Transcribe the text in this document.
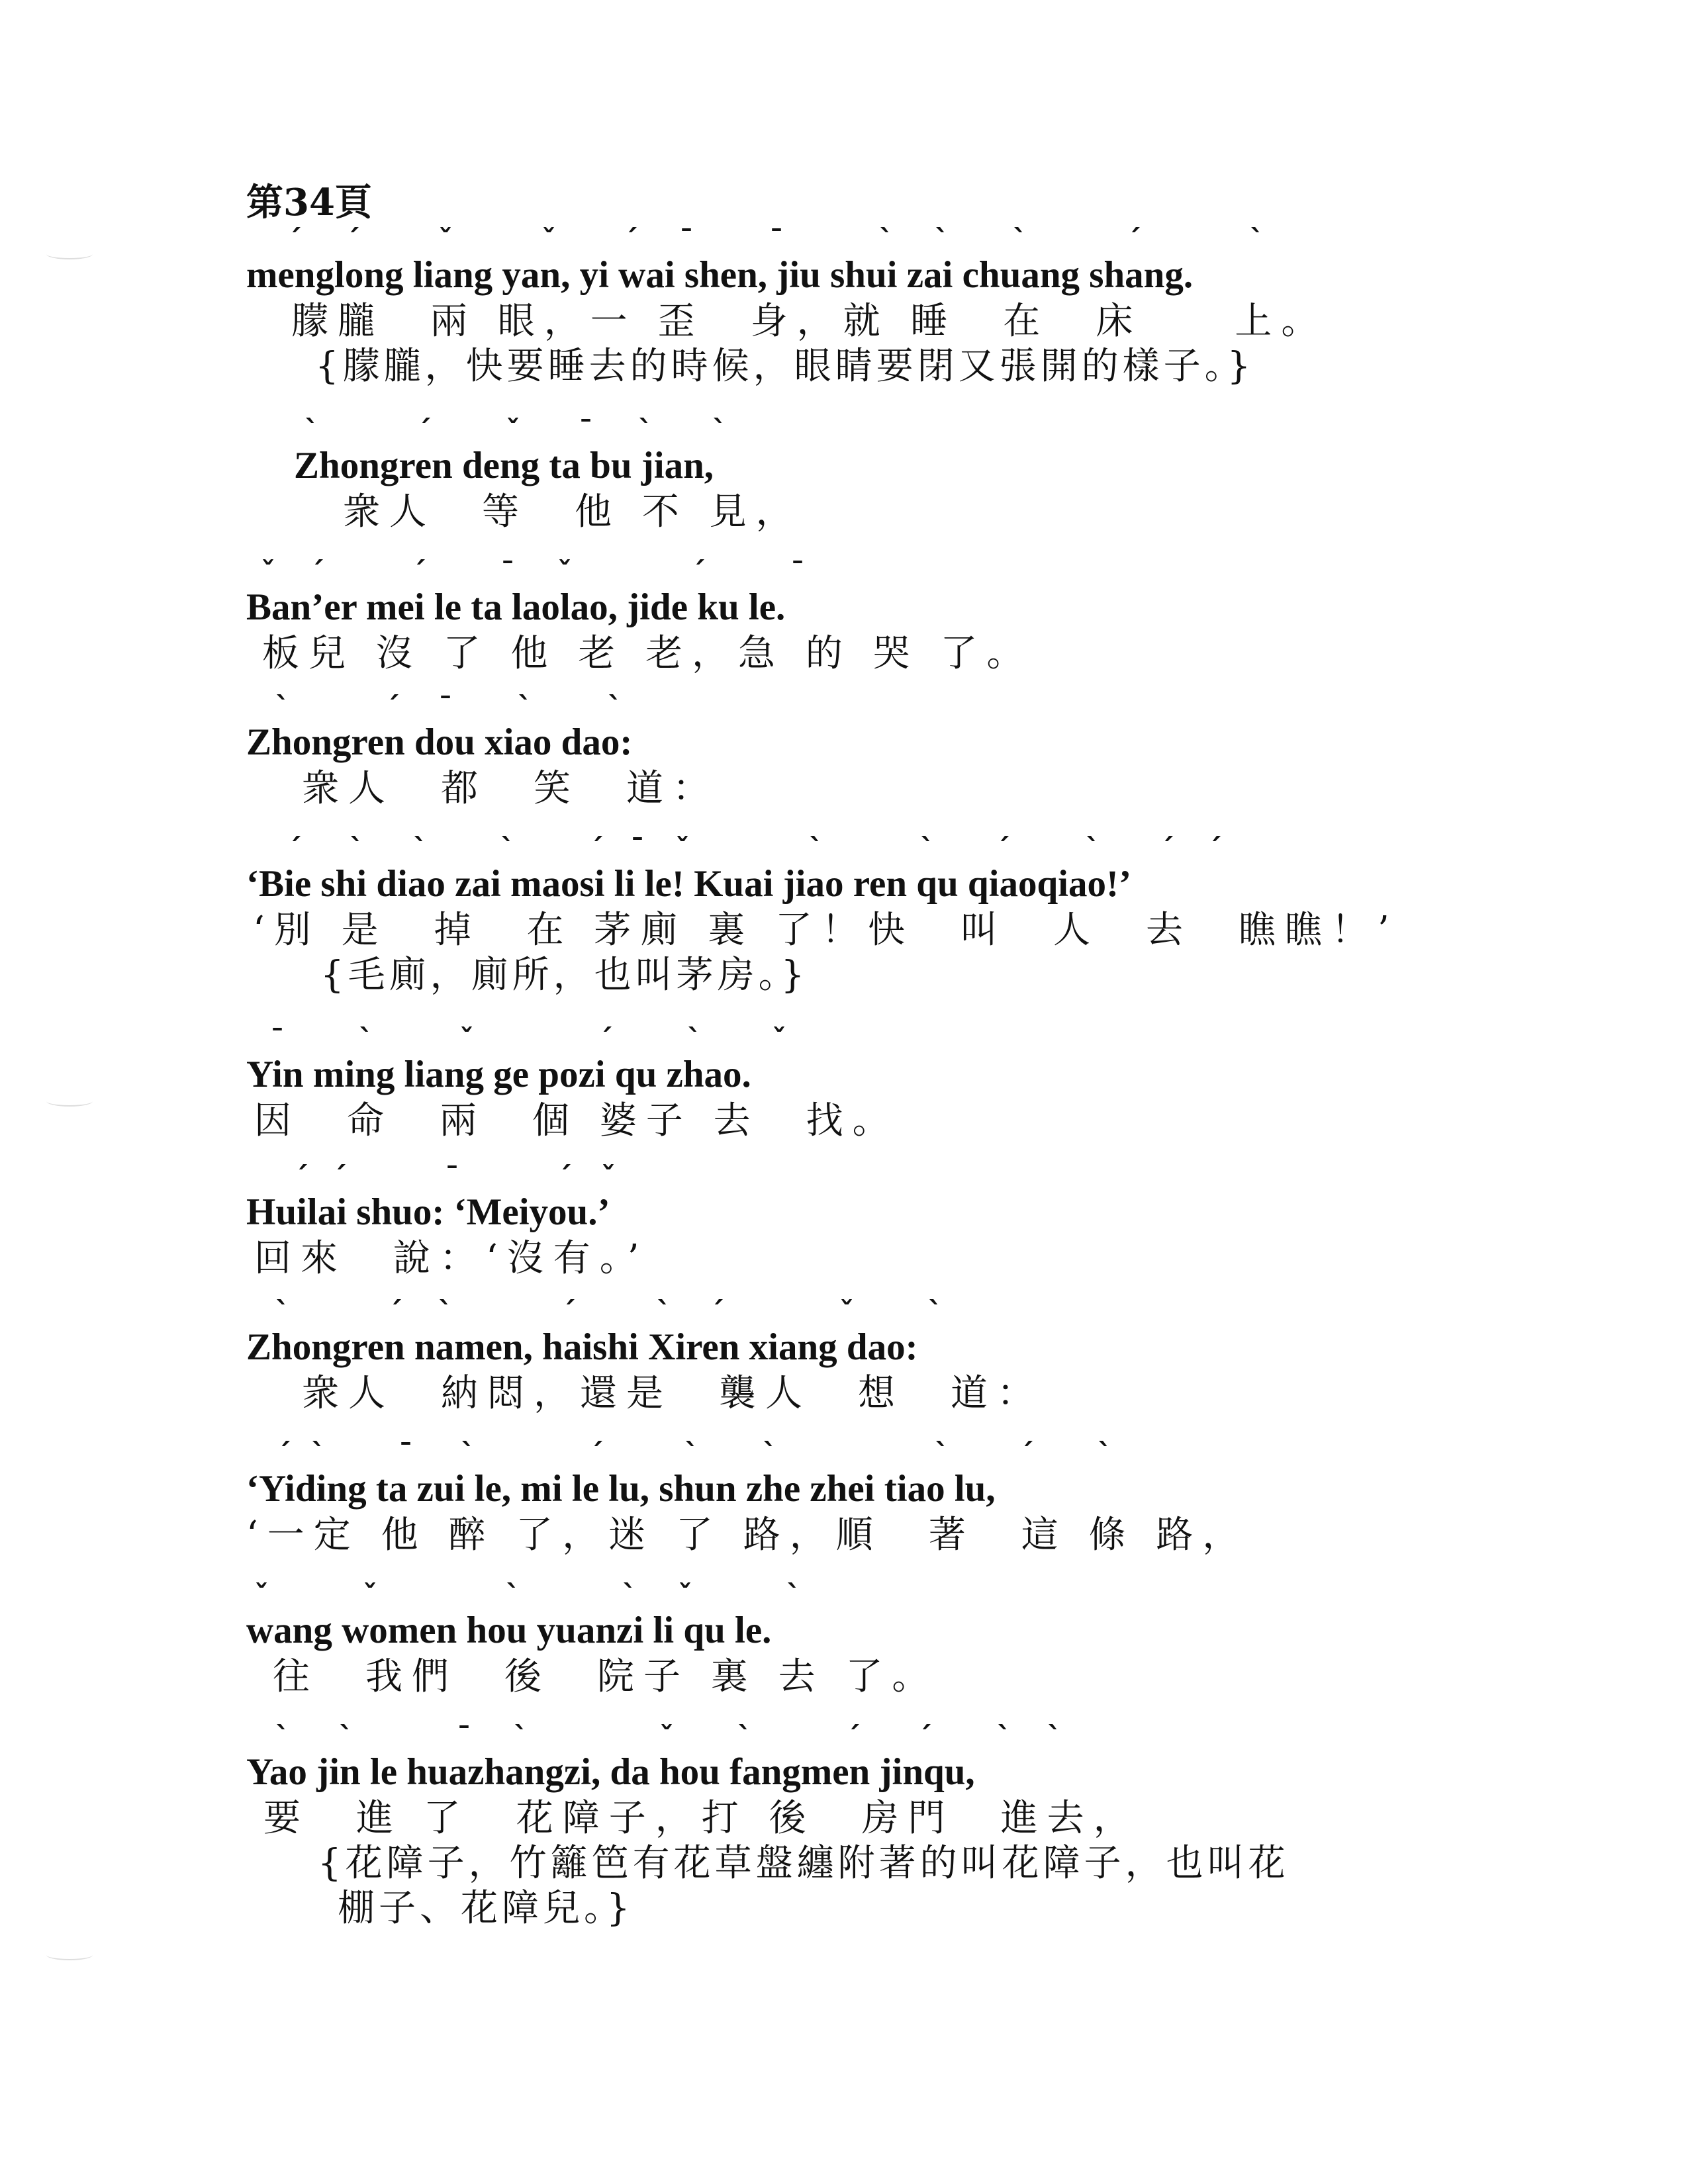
第34頁
menglong liang yan, yi wai shen, jiu shui zai chuang shang.
朦朧　兩 眼，一 歪　身，就 睡　在　床　　上。
{朦朧，快要睡去的時候，眼睛要閉又張開的樣子。}
ˊ ˊ	ˇ	ˇ ˊ ˉ	ˉ	ˋ ˋ ˋ	ˊ	ˋ
Zhongren deng ta bu jian,
衆人　等　他 不 見，
ˋ	ˊ	ˇ ˉ ˋ ˋ
Ban’er mei le ta laolao, jide ku le.
板兒 沒 了 他 老 老，急 的 哭 了。
ˇ ˊ	ˊ	ˉ ˇ	ˊ	ˉ
Zhongren dou xiao dao:
衆人　都　笑　道：
ˋ	ˊ ˉ ˋ	ˋ
‘Bie shi diao zai maosi li le! Kuai jiao ren qu qiaoqiao!’
‘別 是　掉　在 茅廁 裏 了！快　叫　人　去　瞧瞧！’
{毛廁，廁所，也叫茅房。}
ˊ ˋ ˋ	ˋ	ˊ ˉ ˇ	ˋ	ˋ ˊ	ˋ ˊ ˊ
Yin ming liang ge pozi qu zhao.
因　命　兩　個 婆子 去　找。
ˉ	ˋ	ˇ	ˊ	ˋ ˇ
Huilai shuo: ‘Meiyou.’
回來　說：‘沒有。’
ˊ ˊ	ˉ	ˊ ˇ
Zhongren namen, haishi Xiren xiang dao:
衆人　納悶，還是　襲人　想　道：
ˋ	ˊ ˋ	ˊ	ˋ ˊ	ˇ	ˋ
‘Yiding ta zui le, mi le lu, shun zhe zhei tiao lu,
‘一定 他 醉 了，迷 了 路，順　著　這 條 路，
ˊ ˋ	ˉ ˋ	ˊ	ˋ ˋ	ˋ ˊ ˋ
wang women hou yuanzi li qu le.
往　我們　後　院子 裏 去 了。
ˇ	ˇ	ˋ	ˋ ˇ	ˋ
Yao jin le huazhangzi, da hou fangmen jinqu,
要　進 了　花障子，打 後　房門　進去，
{花障子，竹籬笆有花草盤纏附著的叫花障子，也叫花
棚子、花障兒。}
ˋ ˋ	ˉ ˋ	ˇ ˋ	ˊ ˊ ˋ ˋ
